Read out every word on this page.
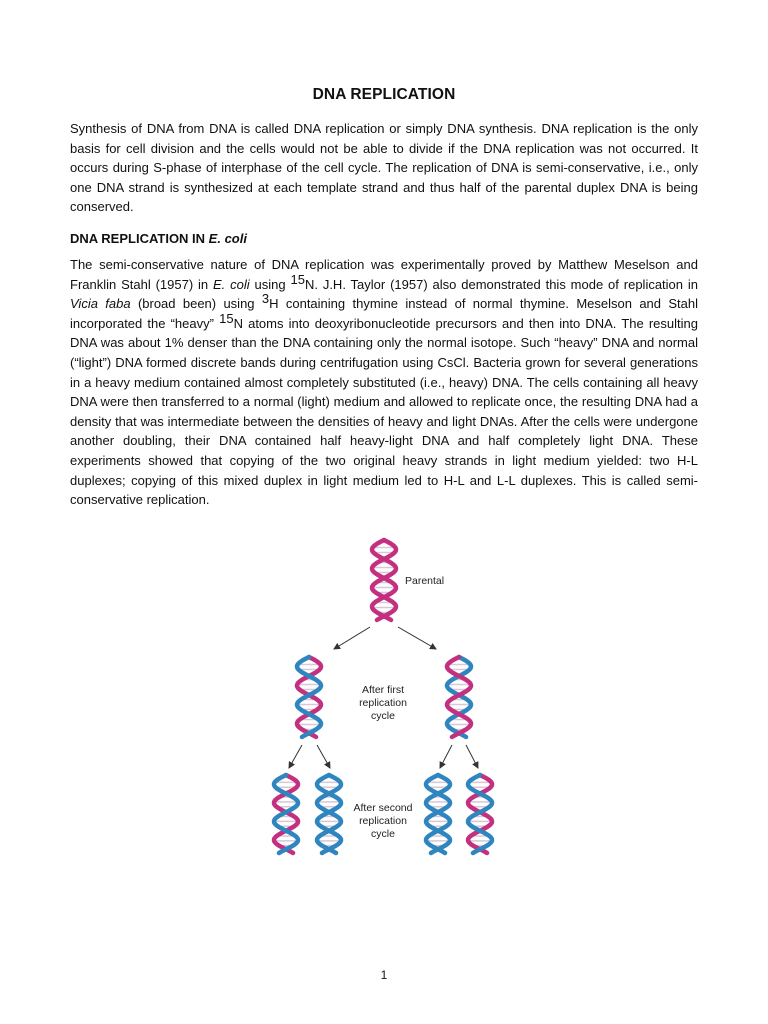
DNA REPLICATION

Synthesis of DNA from DNA is called DNA replication or simply DNA synthesis. DNA replication is the only basis for cell division and the cells would not be able to divide if the DNA replication was not occurred. It occurs during S-phase of interphase of the cell cycle. The replication of DNA is semi-conservative, i.e., only one DNA strand is synthesized at each template strand and thus half of the parental duplex DNA is being conserved.

DNA REPLICATION IN E. coli

The semi-conservative nature of DNA replication was experimentally proved by Matthew Meselson and Franklin Stahl (1957) in E. coli using $^{15}$N. J.H. Taylor (1957) also demonstrated this mode of replication in Vicia faba (broad been) using $^3$H containing thymine instead of normal thymine. Meselson and Stahl incorporated the “heavy” $^{15}$N atoms into deoxyribonucleotide precursors and then into DNA. The resulting DNA was about 1% denser than the DNA containing only the normal isotope. Such “heavy” DNA and normal (“light”) DNA formed discrete bands during centrifugation using CsCl. Bacteria grown for several generations in a heavy medium contained almost completely substituted (i.e., heavy) DNA. The cells containing all heavy DNA were then transferred to a normal (light) medium and allowed to replicate once, the resulting DNA had a density that was intermediate between the densities of heavy and light DNAs. After the cells were undergone another doubling, their DNA contained half heavy-light DNA and half completely light DNA. These experiments showed that copying of the two original heavy strands in light medium yielded: two H-L duplexes; copying of this mixed duplex in light medium led to H-L and L-L duplexes. This is called semi-conservative replication.

Parental
After first
replication
cycle
After second
replication
cycle
1
